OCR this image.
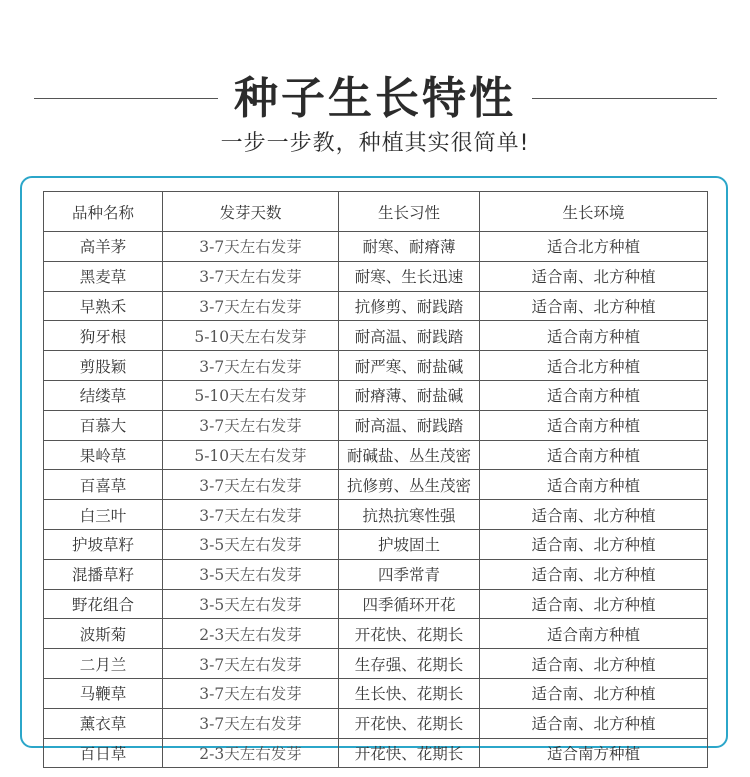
种子生长特性
一步一步教，种植其实很简单!
品种名称	发芽天数	生长习性	生长环境
高羊茅	3-7天左右发芽	耐寒、耐瘠薄	适合北方种植
黑麦草	3-7天左右发芽	耐寒、生长迅速	适合南、北方种植
早熟禾	3-7天左右发芽	抗修剪、耐践踏	适合南、北方种植
狗牙根	5-10天左右发芽	耐高温、耐践踏	适合南方种植
剪股颖	3-7天左右发芽	耐严寒、耐盐碱	适合北方种植
结缕草	5-10天左右发芽	耐瘠薄、耐盐碱	适合南方种植
百慕大	3-7天左右发芽	耐高温、耐践踏	适合南方种植
果岭草	5-10天左右发芽	耐碱盐、丛生茂密	适合南方种植
百喜草	3-7天左右发芽	抗修剪、丛生茂密	适合南方种植
白三叶	3-7天左右发芽	抗热抗寒性强	适合南、北方种植
护坡草籽	3-5天左右发芽	护坡固土	适合南、北方种植
混播草籽	3-5天左右发芽	四季常青	适合南、北方种植
野花组合	3-5天左右发芽	四季循环开花	适合南、北方种植
波斯菊	2-3天左右发芽	开花快、花期长	适合南方种植
二月兰	3-7天左右发芽	生存强、花期长	适合南、北方种植
马鞭草	3-7天左右发芽	生长快、花期长	适合南、北方种植
薰衣草	3-7天左右发芽	开花快、花期长	适合南、北方种植
百日草	2-3天左右发芽	开花快、花期长	适合南方种植
